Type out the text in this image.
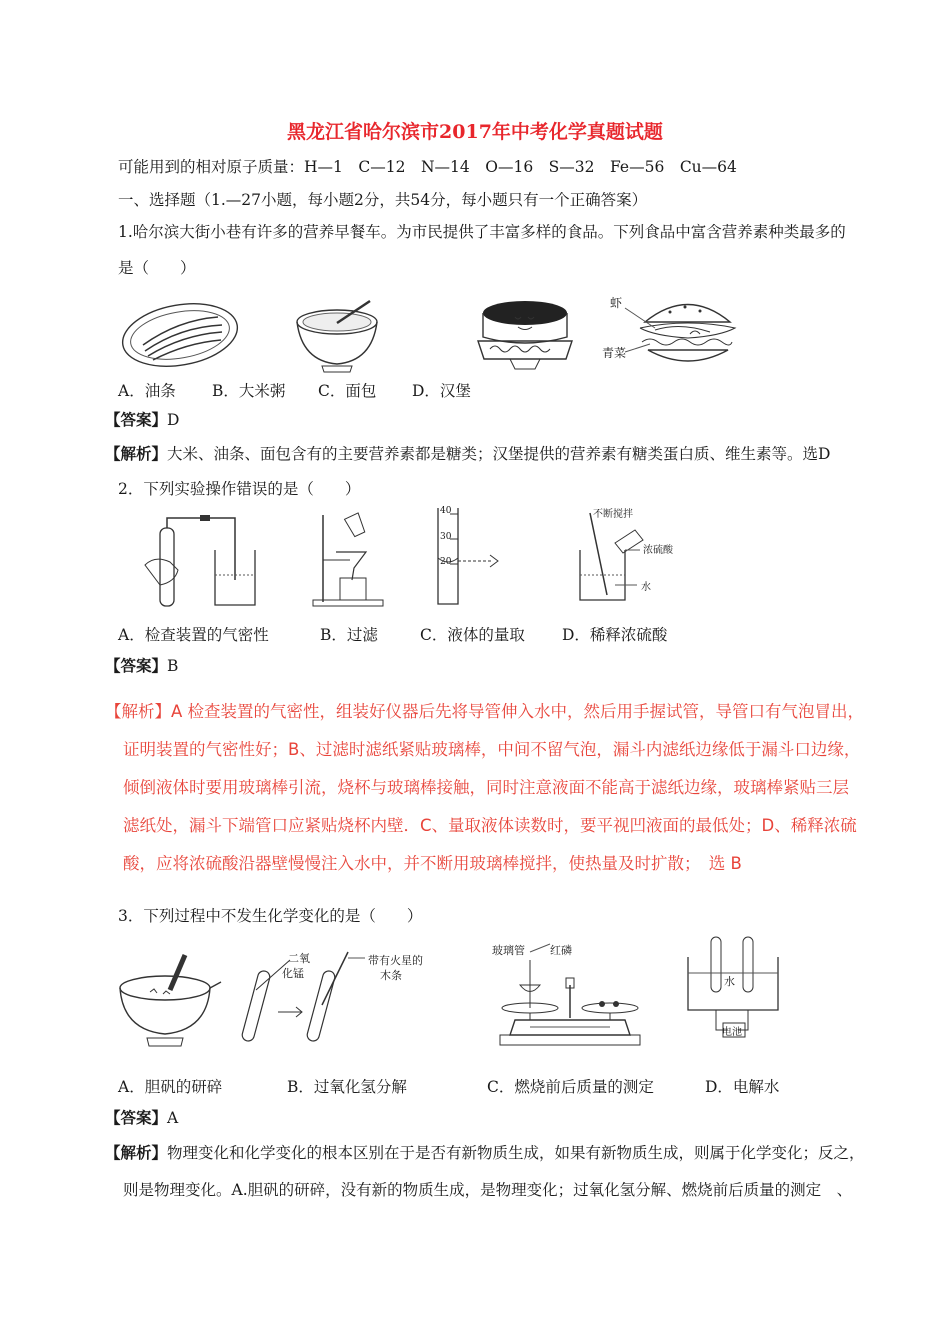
黑龙江省哈尔滨市2017年中考化学真题试题
可能用到的相对原子质量：H—1　C—12　N—14　O—16　S—32　Fe—56　Cu—64
一、选择题（1.—27小题，每小题2分，共54分，每小题只有一个正确答案）
1.哈尔滨大街小巷有许多的营养早餐车。为市民提供了丰富多样的食品。下列食品中富含营养素种类最多的
是（　　）
虾
青菜
A．油条 B．大米粥 C．面包 D．汉堡
【答案】D
【解析】大米、油条、面包含有的主要营养素都是糖类；汉堡提供的营养素有糖类蛋白质、维生素等。选D
2．下列实验操作错误的是（　　）
40
30
20
不断搅拌
浓硫酸
水
A．检查装置的气密性	B．过滤	C．液体的量取 D．稀释浓硫酸
【答案】B
【解析】A 检查装置的气密性，组装好仪器后先将导管伸入水中，然后用手握试管，导管口有气泡冒出，
证明装置的气密性好；B、过滤时滤纸紧贴玻璃棒，中间不留气泡，漏斗内滤纸边缘低于漏斗口边缘，
倾倒液体时要用玻璃棒引流，烧杯与玻璃棒接触，同时注意液面不能高于滤纸边缘，玻璃棒紧贴三层
滤纸处，漏斗下端管口应紧贴烧杯内壁．C、量取液体读数时，要平视凹液面的最低处；D、稀释浓硫
酸，应将浓硫酸沿器壁慢慢注入水中，并不断用玻璃棒搅拌，使热量及时扩散；　选 B
3．下列过程中不发生化学变化的是（　　）
二氧
化锰
带有火星的
木条
玻璃管 红磷
水
电池
A．胆矾的研碎	B．过氧化氢分解	C．燃烧前后质量的测定	D．电解水
【答案】A
【解析】物理变化和化学变化的根本区别在于是否有新物质生成，如果有新物质生成，则属于化学变化；反之，
则是物理变化。A.胆矾的研碎，没有新的物质生成，是物理变化；过氧化氢分解、燃烧前后质量的测定　、
